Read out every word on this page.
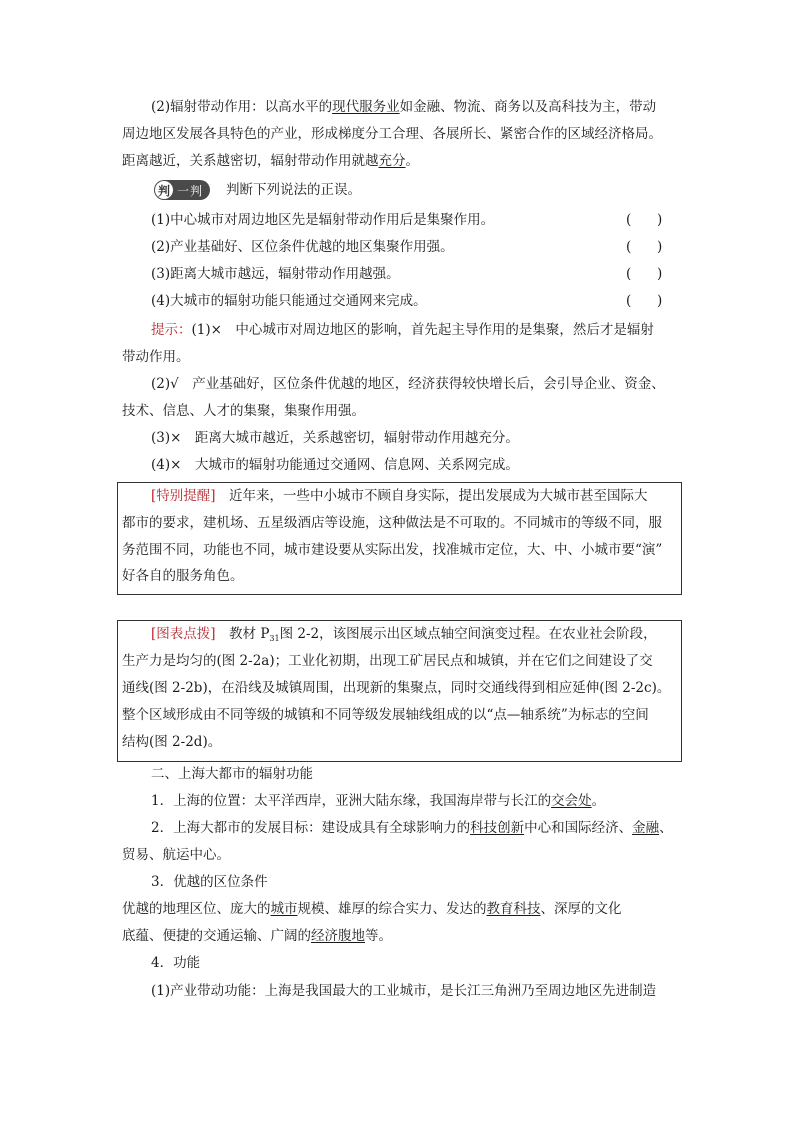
(2)辐射带动作用：以高水平的现代服务业如金融、物流、商务以及高科技为主，带动
周边地区发展各具特色的产业，形成梯度分工合理、各展所长、紧密合作的区域经济格局。
距离越近，关系越密切，辐射带动作用就越充分。
判 一判 判断下列说法的正误。
(1)中心城市对周边地区先是辐射带动作用后是集聚作用。	(      )
(2)产业基础好、区位条件优越的地区集聚作用强。	(      )
(3)距离大城市越远，辐射带动作用越强。	(      )
(4)大城市的辐射功能只能通过交通网来完成。	(      )
提示：(1)×　中心城市对周边地区的影响，首先起主导作用的是集聚，然后才是辐射
带动作用。
(2)√　产业基础好，区位条件优越的地区，经济获得较快增长后，会引导企业、资金、
技术、信息、人才的集聚，集聚作用强。
(3)×　距离大城市越近，关系越密切，辐射带动作用越充分。
(4)×　大城市的辐射功能通过交通网、信息网、关系网完成。
[特别提醒]　近年来，一些中小城市不顾自身实际，提出发展成为大城市甚至国际大
都市的要求，建机场、五星级酒店等设施，这种做法是不可取的。不同城市的等级不同，服
务范围不同，功能也不同，城市建设要从实际出发，找准城市定位，大、中、小城市要“演”
好各自的服务角色。
[图表点拨]　教材 $P_{31}$图 2-2，该图展示出区域点轴空间演变过程。在农业社会阶段，
生产力是均匀的(图 2-2a)；工业化初期，出现工矿居民点和城镇，并在它们之间建设了交
通线(图 2-2b)，在沿线及城镇周围，出现新的集聚点，同时交通线得到相应延伸(图 2-2c)。
整个区域形成由不同等级的城镇和不同等级发展轴线组成的以“点—轴系统”为标志的空间
结构(图 2-2d)。
二、上海大都市的辐射功能
1．上海的位置：太平洋西岸，亚洲大陆东缘，我国海岸带与长江的交会处。
2．上海大都市的发展目标：建设成具有全球影响力的科技创新中心和国际经济、金融、
贸易、航运中心。
3．优越的区位条件
优越的地理区位、庞大的城市规模、雄厚的综合实力、发达的教育科技、深厚的文化
底蕴、便捷的交通运输、广阔的经济腹地等。
4．功能
(1)产业带动功能：上海是我国最大的工业城市，是长江三角洲乃至周边地区先进制造
